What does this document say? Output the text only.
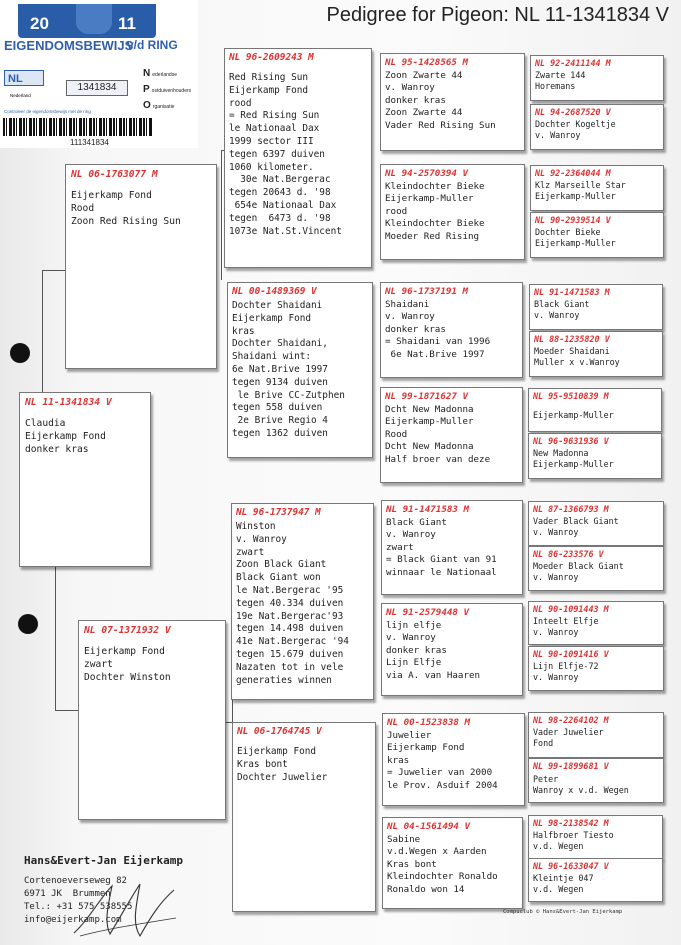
Pedigree for Pigeon: NL 11-1341834 V
20	11
EIGENDOMSBEWIJS
v/d RING
NL
Nederland
1341834
Nederlandse
Postduivenhouders
Organisatie
Controleer de eigendomsbewijs met de ring
111341834
NL 11-1341834 V
Claudia
Eijerkamp Fond
donker kras
NL 06-1763077 M
Eijerkamp Fond
Rood
Zoon Red Rising Sun
NL 07-1371932 V
Eijerkamp Fond
zwart
Dochter Winston
NL 96-2609243 M
Red Rising Sun
Eijerkamp Fond
rood
= Red Rising Sun
le Nationaal Dax
1999 sector III
tegen 6397 duiven
1060 kilometer.
30e Nat.Bergerac
tegen 20643 d. '98
654e Nationaal Dax
tegen  6473 d. '98
1073e Nat.St.Vincent
NL 00-1489369 V
Dochter Shaidani
Eijerkamp Fond
kras
Dochter Shaidani,
Shaidani wint:
6e Nat.Brive 1997
tegen 9134 duiven
le Brive CC-Zutphen
tegen 558 duiven
2e Brive Regio 4
tegen 1362 duiven
NL 96-1737947 M
Winston
v. Wanroy
zwart
Zoon Black Giant
Black Giant won
le Nat.Bergerac '95
tegen 40.334 duiven
19e Nat.Bergerac'93
tegen 14.498 duiven
41e Nat.Bergerac '94
tegen 15.679 duiven
Nazaten tot in vele
generaties winnen
NL 06-1764745 V
Eijerkamp Fond
Kras bont
Dochter Juwelier
NL 95-1428565 M
Zoon Zwarte 44
v. Wanroy
donker kras
Zoon Zwarte 44
Vader Red Rising Sun
NL 94-2570394 V
Kleindochter Bieke
Eijerkamp-Muller
rood
Kleindochter Bieke
Moeder Red Rising
NL 96-1737191 M
Shaidani
v. Wanroy
donker kras
= Shaidani van 1996
6e Nat.Brive 1997
NL 99-1871627 V
Dcht New Madonna
Eijerkamp-Muller
Rood
Dcht New Madonna
Half broer van deze
NL 91-1471583 M
Black Giant
v. Wanroy
zwart
= Black Giant van 91
winnaar le Nationaal
NL 91-2579448 V
lijn elfje
v. Wanroy
donker kras
Lijn Elfje
via A. van Haaren
NL 00-1523838 M
Juwelier
Eijerkamp Fond
kras
= Juwelier van 2000
le Prov. Asduif 2004
NL 04-1561494 V
Sabine
v.d.Wegen x Aarden
Kras bont
Kleindochter Ronaldo
Ronaldo won 14
NL 92-2411144 M
Zwarte 144
Horemans
NL 94-2687520 V
Dochter Kogeltje
v. Wanroy
NL 92-2364044 M
Klz Marseille Star
Eijerkamp-Muller
NL 90-2939514 V
Dochter Bieke
Eijerkamp-Muller
NL 91-1471583 M
Black Giant
v. Wanroy
NL 88-1235820 V
Moeder Shaidani
Muller x v.Wanroy
NL 95-9510839 M
Eijerkamp-Muller
NL 96-9631936 V
New Madonna
Eijerkamp-Muller
NL 87-1366793 M
Vader Black Giant
v. Wanroy
NL 86-233576 V
Moeder Black Giant
v. Wanroy
NL 90-1091443 M
Inteelt Elfje
v. Wanroy
NL 90-1091416 V
Lijn Elfje-72
v. Wanroy
NL 98-2264102 M
Vader Juwelier
Fond
NL 99-1899681 V
Peter
Wanroy x v.d. Wegen
NL 98-2138542 M
Halfbroer Tiesto
v.d. Wegen
NL 96-1633047 V
Kleintje 047
v.d. Wegen
Hans&Evert-Jan Eijerkamp
Cortenoeverseweg 82
6971 JK  Brummen
Tel.: +31 575 538555
info@eijerkamp.com
Compuclub © Hans&Evert-Jan Eijerkamp
